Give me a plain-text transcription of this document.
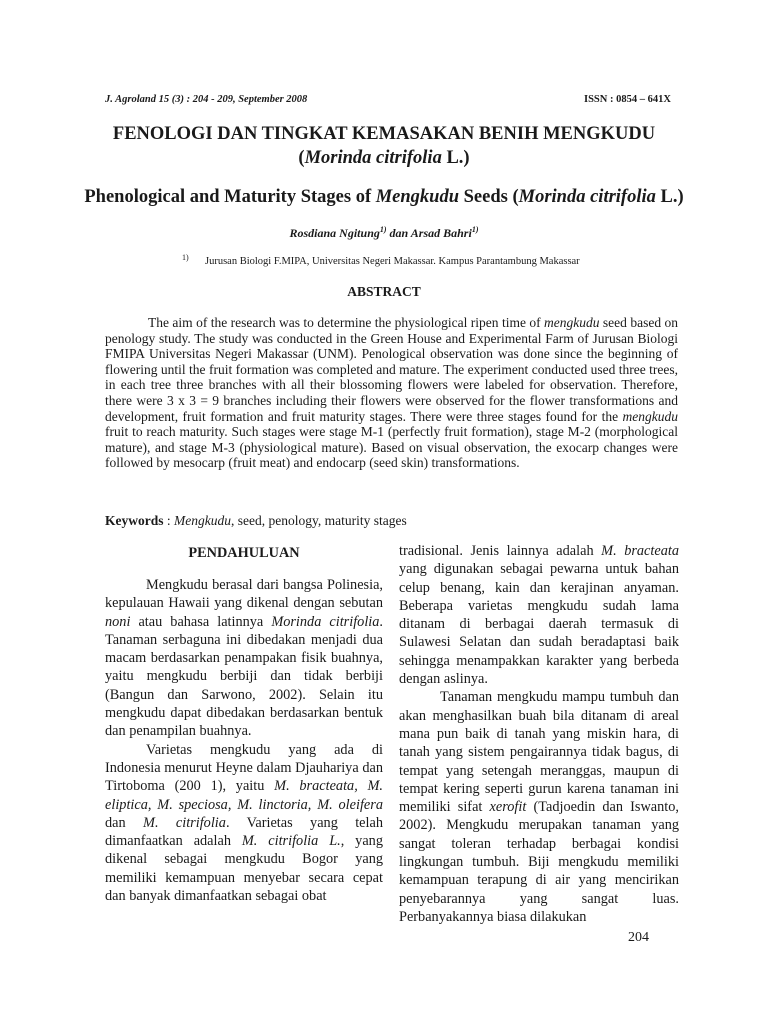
J. Agroland 15 (3) : 204 - 209, September 2008	ISSN : 0854 – 641X
FENOLOGI DAN TINGKAT KEMASAKAN BENIH MENGKUDU
(Morinda citrifolia L.)
Phenological and Maturity Stages of Mengkudu Seeds (Morinda citrifolia L.)
Rosdiana Ngitung$^{1)}$ dan Arsad Bahri$^{1)}$
1) Jurusan Biologi F.MIPA, Universitas Negeri Makassar. Kampus Parantambung Makassar
ABSTRACT

The aim of the research was to determine the physiological ripen time of mengkudu seed based on penology study. The study was conducted in the Green House and Experimental Farm of Jurusan Biologi FMIPA Universitas Negeri Makassar (UNM). Penological observation was done since the beginning of flowering until the fruit formation was completed and mature. The experiment conducted used three trees, in each tree three branches with all their blossoming flowers were labeled for observation. Therefore, there were 3 x 3 = 9 branches including their flowers were observed for the flower transformations and development, fruit formation and fruit maturity stages. There were three stages found for the mengkudu fruit to reach maturity. Such stages were stage M-1 (perfectly fruit formation), stage M-2 (morphological mature), and stage M-3 (physiological mature). Based on visual observation, the exocarp changes were followed by mesocarp (fruit meat) and endocarp (seed skin) transformations.

Keywords : Mengkudu, seed, penology, maturity stages
PENDAHULUAN

Mengkudu berasal dari bangsa Polinesia, kepulauan Hawaii yang dikenal dengan sebutan noni atau bahasa latinnya Morinda citrifolia. Tanaman serbaguna ini dibedakan menjadi dua macam berdasarkan penampakan fisik buahnya, yaitu mengkudu berbiji dan tidak berbiji (Bangun dan Sarwono, 2002). Selain itu mengkudu dapat dibedakan berdasarkan bentuk dan penampilan buahnya.

Varietas mengkudu yang ada di Indonesia menurut Heyne dalam Djauhariya dan Tirtoboma (200 1), yaitu M. bracteata, M. eliptica, M. speciosa, M. linctoria, M. oleifera dan M. citrifolia. Varietas yang telah dimanfaatkan adalah M. citrifolia L., yang dikenal sebagai mengkudu Bogor yang memiliki kemampuan menyebar secara cepat dan banyak dimanfaatkan sebagai obat

tradisional. Jenis lainnya adalah M. bracteata yang digunakan sebagai pewarna untuk bahan celup benang, kain dan kerajinan anyaman. Beberapa varietas mengkudu sudah lama ditanam di berbagai daerah termasuk di Sulawesi Selatan dan sudah beradaptasi baik sehingga menampakkan karakter yang berbeda dengan aslinya.

Tanaman mengkudu mampu tumbuh dan akan menghasilkan buah bila ditanam di areal mana pun baik di tanah yang miskin hara, di tanah yang sistem pengairannya tidak bagus, di tempat yang setengah meranggas, maupun di tempat kering seperti gurun karena tanaman ini memiliki sifat xerofit (Tadjoedin dan Iswanto, 2002). Mengkudu merupakan tanaman yang sangat toleran terhadap berbagai kondisi lingkungan tumbuh. Biji mengkudu memiliki kemampuan terapung di air yang mencirikan penyebarannya yang sangat luas. Perbanyakannya biasa dilakukan

204
